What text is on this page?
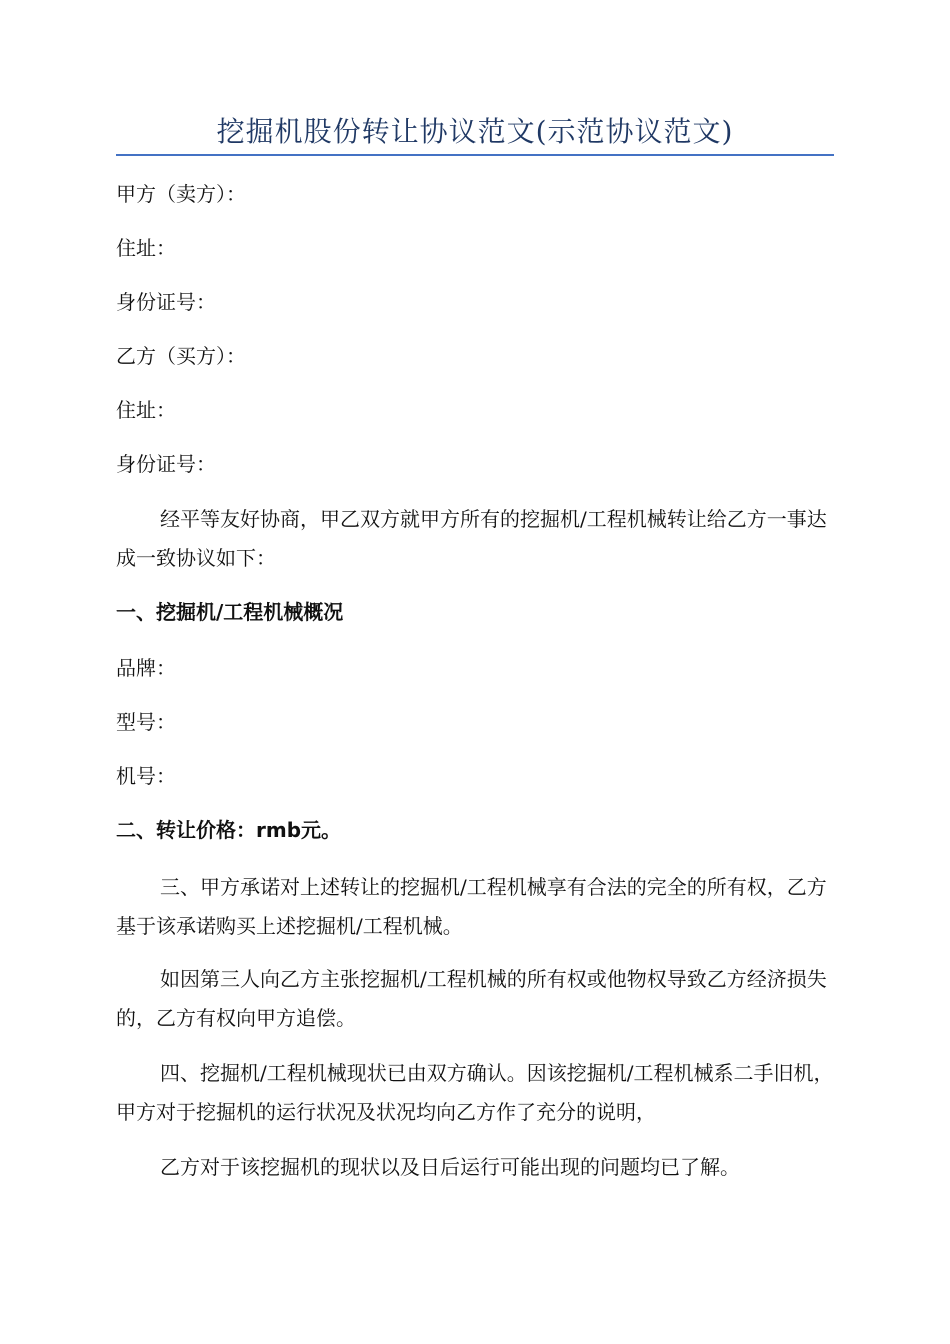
挖掘机股份转让协议范文(示范协议范文)
甲方（卖方）：
住址：
身份证号：
乙方（买方）：
住址：
身份证号：
经平等友好协商，甲乙双方就甲方所有的挖掘机/工程机械转让给乙方一事达成一致协议如下：
一、挖掘机/工程机械概况
品牌：
型号：
机号：
二、转让价格：rmb元。
三、甲方承诺对上述转让的挖掘机/工程机械享有合法的完全的所有权，乙方基于该承诺购买上述挖掘机/工程机械。
如因第三人向乙方主张挖掘机/工程机械的所有权或他物权导致乙方经济损失的，乙方有权向甲方追偿。
四、挖掘机/工程机械现状已由双方确认。因该挖掘机/工程机械系二手旧机，甲方对于挖掘机的运行状况及状况均向乙方作了充分的说明，
乙方对于该挖掘机的现状以及日后运行可能出现的问题均已了解。
